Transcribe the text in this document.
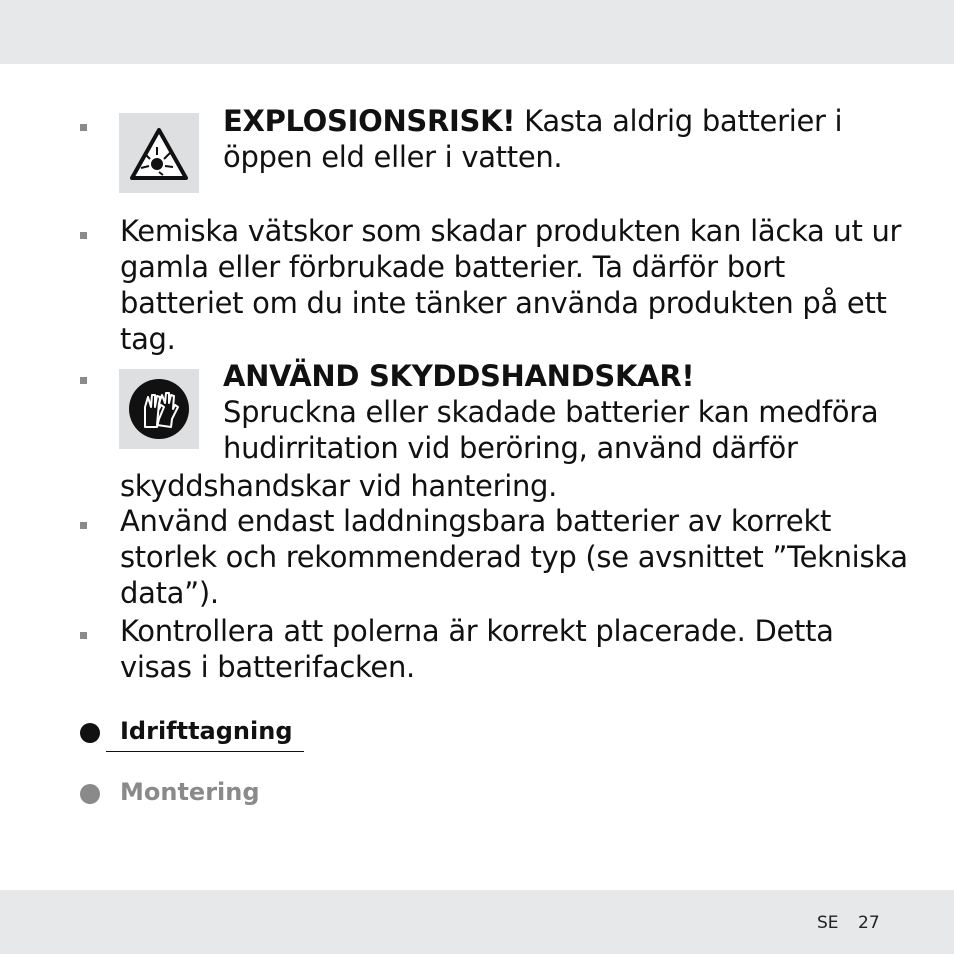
EXPLOSIONSRISK! Kasta aldrig batterier i
öppen eld eller i vatten.

Kemiska vätskor som skadar produkten kan läcka ut ur
gamla eller förbrukade batterier. Ta därför bort
batteriet om du inte tänker använda produkten på ett
tag.

ANVÄND SKYDDSHANDSKAR!
Spruckna eller skadade batterier kan medföra
hudirritation vid beröring, använd därför

skyddshandskar vid hantering.

Använd endast laddningsbara batterier av korrekt
storlek och rekommenderad typ (se avsnittet ”Tekniska
data”).

Kontrollera att polerna är korrekt placerade. Detta
visas i batterifacken.

Idrifttagning
Montering
SE 27
